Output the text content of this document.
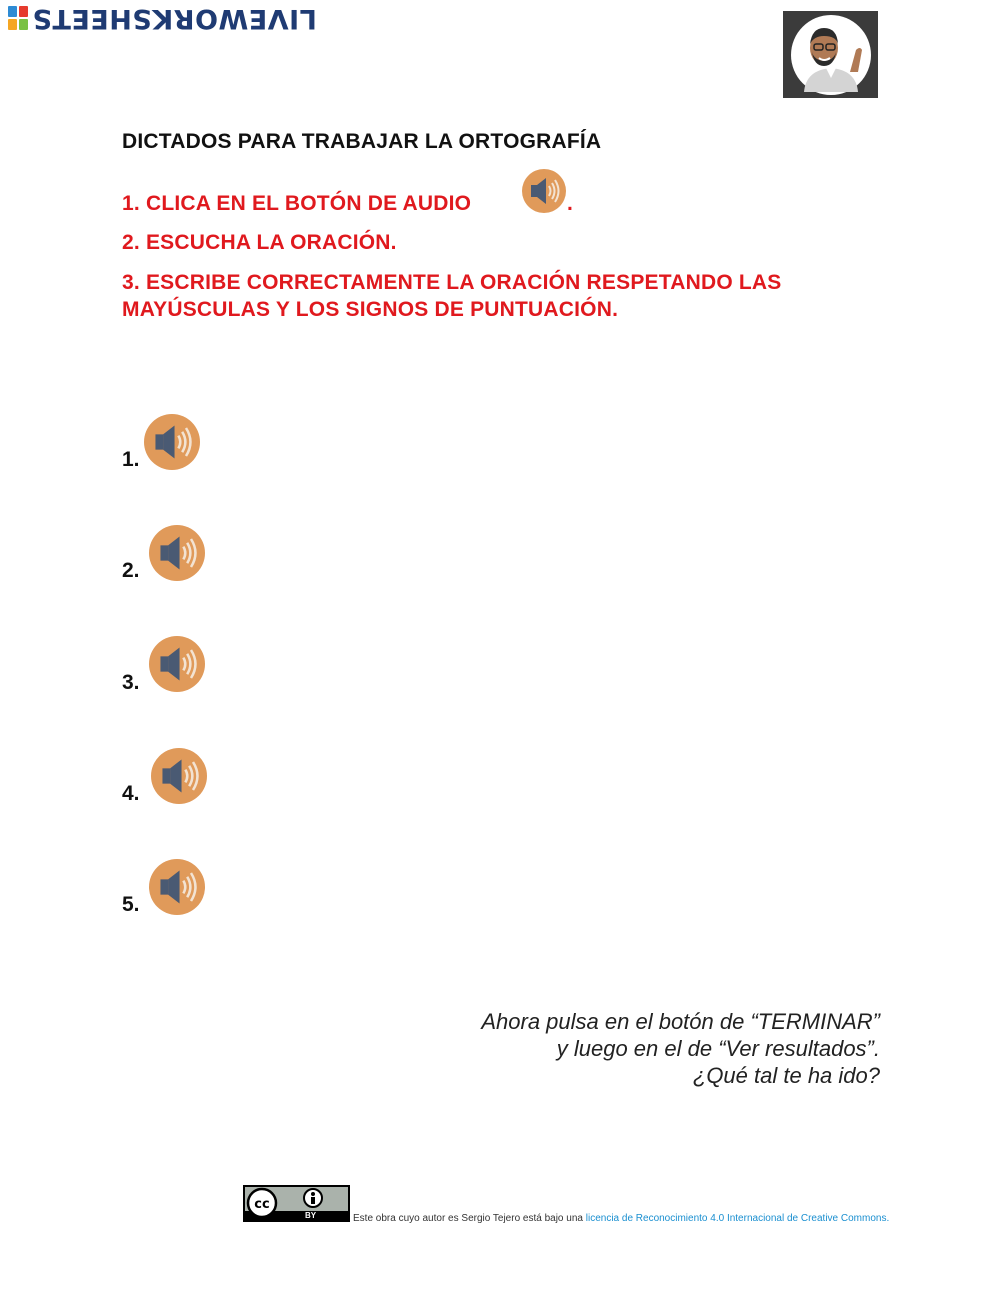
LIVEWORKSHEETS
DICTADOS PARA TRABAJAR LA ORTOGRAFÍA

1. CLICA EN EL BOTÓN DE AUDIO	.

2. ESCUCHA LA ORACIÓN.

3. ESCRIBE CORRECTAMENTE LA ORACIÓN RESPETANDO LAS

MAYÚSCULAS Y LOS SIGNOS DE PUNTUACIÓN.

1.
2.
3.
4.
5.
Ahora pulsa en el botón de “TERMINAR”
y luego en el de “Ver resultados”.
¿Qué tal te ha ido?
cc
BY	Este obra cuyo autor es Sergio Tejero está bajo una licencia de Reconocimiento 4.0 Internacional de Creative Commons.
